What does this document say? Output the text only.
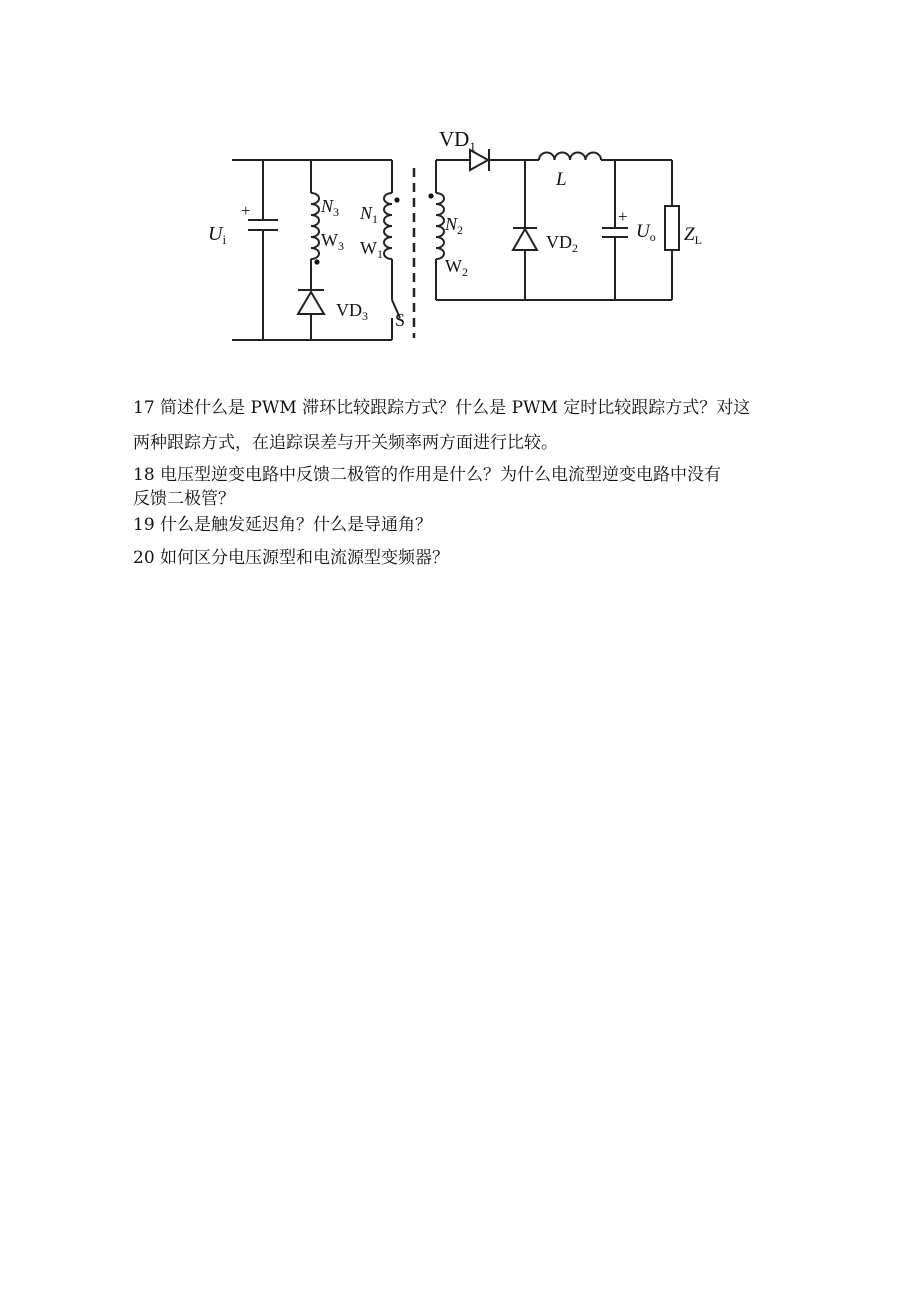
$VD_1$
L
+
$U_i$
$N_3$
$W_3$
$N_1$
$W_1$
$VD_3$ S
$N_2$
$W_2$
$VD_2$
+
$U_o$ $Z_L$

17 简述什么是 PWM 滞环比较跟踪方式？什么是 PWM 定时比较跟踪方式？对这

两种跟踪方式，在追踪误差与开关频率两方面进行比较。

18 电压型逆变电路中反馈二极管的作用是什么？为什么电流型逆变电路中没有

反馈二极管？

19 什么是触发延迟角？什么是导通角？

20 如何区分电压源型和电流源型变频器？
